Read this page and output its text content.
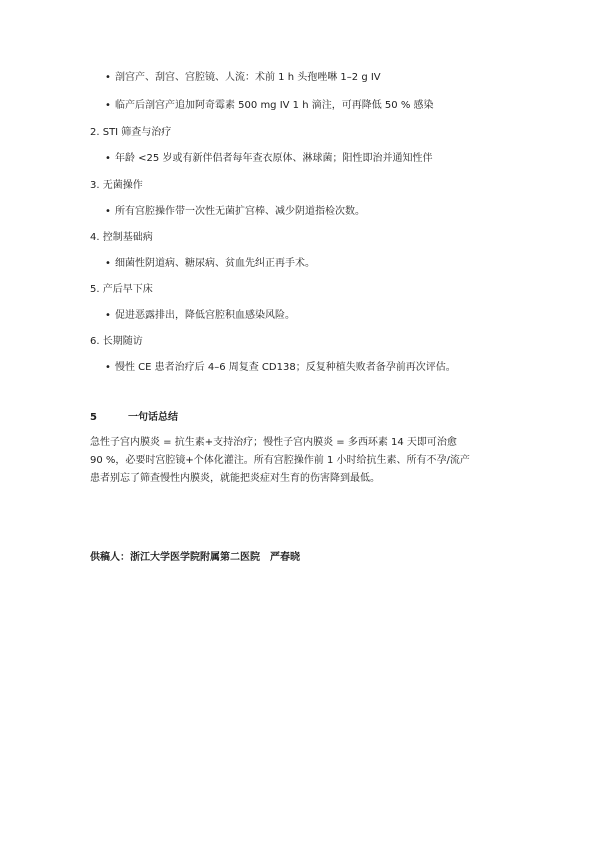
• 剖宫产、刮宫、宫腔镜、人流：术前 1 h 头孢唑啉 1–2 g IV
• 临产后剖宫产追加阿奇霉素 500 mg IV 1 h 滴注，可再降低 50 % 感染
2. STI 筛查与治疗
• 年龄 <25 岁或有新伴侣者每年查衣原体、淋球菌；阳性即治并通知性伴
3. 无菌操作
• 所有宫腔操作带一次性无菌扩宫棒、减少阴道指检次数。
4. 控制基础病
• 细菌性阴道病、糖尿病、贫血先纠正再手术。
5. 产后早下床
• 促进恶露排出，降低宫腔积血感染风险。
6. 长期随访
• 慢性 CE 患者治疗后 4–6 周复查 CD138；反复种植失败者备孕前再次评估。
5	一句话总结
急性子宫内膜炎 = 抗生素+支持治疗；慢性子宫内膜炎 = 多西环素 14 天即可治愈
90 %，必要时宫腔镜+个体化灌注。所有宫腔操作前 1 小时给抗生素、所有不孕/流产
患者别忘了筛查慢性内膜炎，就能把炎症对生育的伤害降到最低。
供稿人：浙江大学医学院附属第二医院　严春晓
